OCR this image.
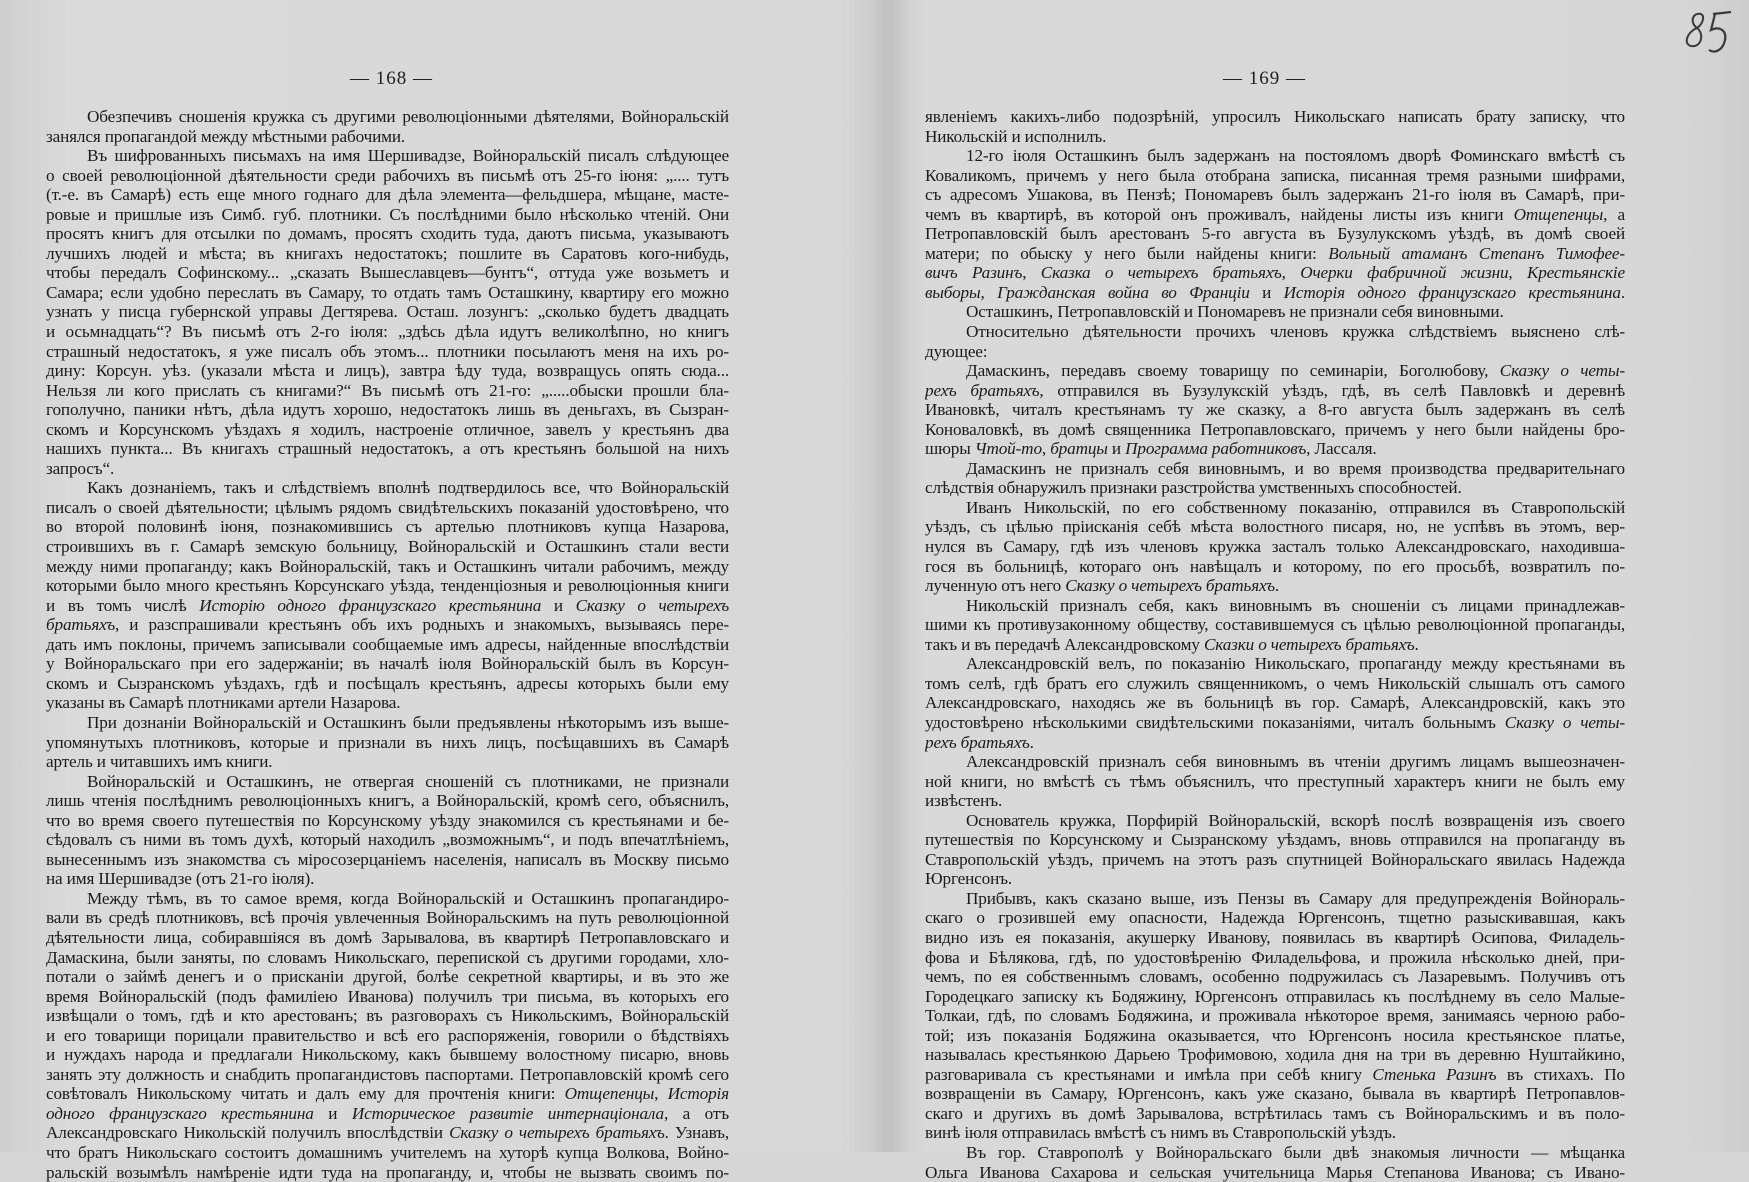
— 168 —
Обезпечивъ сношенія кружка съ другими революціонными дѣятелями, Войноральскій
занялся пропагандой между мѣстными рабочими.
Въ шифрованныхъ письмахъ на имя Шершивадзе, Войноральскій писалъ слѣдующее
о своей революціонной дѣятельности среди рабочихъ въ письмѣ отъ 25-го іюня: „.... тутъ
(т.-е. въ Самарѣ) есть еще много годнаго для дѣла элемента—фельдшера, мѣщане, масте-
ровые и пришлые изъ Симб. губ. плотники. Съ послѣдними было нѣсколько чтеній. Они
просятъ книгъ для отсылки по домамъ, просятъ сходить туда, даютъ письма, указываютъ
лучшихъ людей и мѣста; въ книгахъ недостатокъ; пошлите въ Саратовъ кого-нибудь,
чтобы передалъ Софинскому... „сказать Вышеславцевъ—бунтъ“, оттуда уже возьметъ и
Самара; если удобно переслать въ Самару, то отдать тамъ Осташкину, квартиру его можно
узнать у писца губернской управы Дегтярева. Осташ. лозунгъ: „сколько будетъ двадцать
и осьмнадцать“? Въ письмѣ отъ 2-го іюля: „здѣсь дѣла идутъ великолѣпно, но книгъ
страшный недостатокъ, я уже писалъ объ этомъ... плотники посылаютъ меня на ихъ ро-
дину: Корсун. уѣз. (указали мѣста и лицъ), завтра ѣду туда, возвращусь опять сюда...
Нельзя ли кого прислать съ книгами?“ Въ письмѣ отъ 21-го: „.....обыски прошли бла-
гополучно, паники нѣтъ, дѣла идутъ хорошо, недостатокъ лишь въ деньгахъ, въ Сызран-
скомъ и Корсунскомъ уѣздахъ я ходилъ, настроеніе отличное, завелъ у крестьянъ два
нашихъ пункта... Въ книгахъ страшный недостатокъ, а отъ крестьянъ большой на нихъ
запросъ“.
Какъ дознаніемъ, такъ и слѣдствіемъ вполнѣ подтвердилось все, что Войноральскій
писалъ о своей дѣятельности; цѣлымъ рядомъ свидѣтельскихъ показаній удостовѣрено, что
во второй половинѣ іюня, познакомившись съ артелью плотниковъ купца Назарова,
строившихъ въ г. Самарѣ земскую больницу, Войноральскій и Осташкинъ стали вести
между ними пропаганду; какъ Войноральскій, такъ и Осташкинъ читали рабочимъ, между
которыми было много крестьянъ Корсунскаго уѣзда, тенденціозныя и революціонныя книги
и въ томъ числѣ Исторію одного французскаго крестьянина и Сказку о четырехъ
братьяхъ, и разспрашивали крестьянъ объ ихъ родныхъ и знакомыхъ, вызываясь пере-
дать имъ поклоны, причемъ записывали сообщаемые имъ адресы, найденные впослѣдствіи
у Войноральскаго при его задержаніи; въ началѣ іюля Войноральскій былъ въ Корсун-
скомъ и Сызранскомъ уѣздахъ, гдѣ и посѣщалъ крестьянъ, адресы которыхъ были ему
указаны въ Самарѣ плотниками артели Назарова.
При дознаніи Войноральскій и Осташкинъ были предъявлены нѣкоторымъ изъ выше-
упомянутыхъ плотниковъ, которые и признали въ нихъ лицъ, посѣщавшихъ въ Самарѣ
артель и читавшихъ имъ книги.
Войноральскій и Осташкинъ, не отвергая сношеній съ плотниками, не признали
лишь чтенія послѣднимъ революціонныхъ книгъ, а Войноральскій, кромѣ сего, объяснилъ,
что во время своего путешествія по Корсунскому уѣзду знакомился съ крестьянами и бе-
сѣдовалъ съ ними въ томъ духѣ, который находилъ „возможнымъ“, и подъ впечатлѣніемъ,
вынесеннымъ изъ знакомства съ міросозерцаніемъ населенія, написалъ въ Москву письмо
на имя Шершивадзе (отъ 21-го іюля).
Между тѣмъ, въ то самое время, когда Войноральскій и Осташкинъ пропагандиро-
вали въ средѣ плотниковъ, всѣ прочія увлеченныя Войноральскимъ на путь революціонной
дѣятельности лица, собиравшіяся въ домѣ Зарывалова, въ квартирѣ Петропавловскаго и
Дамаскина, были заняты, по словамъ Никольскаго, перепиской съ другими городами, хло-
потали о займѣ денегъ и о присканіи другой, болѣе секретной квартиры, и въ это же
время Войноральскій (подъ фамиліею Иванова) получилъ три письма, въ которыхъ его
извѣщали о томъ, гдѣ и кто арестованъ; въ разговорахъ съ Никольскимъ, Войноральскій
и его товарищи порицали правительство и всѣ его распоряженія, говорили о бѣдствіяхъ
и нуждахъ народа и предлагали Никольскому, какъ бывшему волостному писарю, вновь
занять эту должность и снабдить пропагандистовъ паспортами. Петропавловскій кромѣ сего
совѣтовалъ Никольскому читать и далъ ему для прочтенія книги: Отщепенцы, Исторія
одного французскаго крестьянина и Историческое развитіе интернаціонала, а отъ
Александровскаго Никольскій получилъ впослѣдствіи Сказку о четырехъ братьяхъ. Узнавъ,
что братъ Никольскаго состоитъ домашнимъ учителемъ на хуторѣ купца Волкова, Войно-
ральскій возымѣлъ намѣреніе идти туда на пропаганду, и, чтобы не вызвать своимъ по-
— 169 —
явленіемъ какихъ-либо подозрѣній, упросилъ Никольскаго написать брату записку, что
Никольскій и исполнилъ.
12-го іюля Осташкинъ былъ задержанъ на постояломъ дворѣ Фоминскаго вмѣстѣ съ
Коваликомъ, причемъ у него была отобрана записка, писанная тремя разными шифрами,
съ адресомъ Ушакова, въ Пензѣ; Пономаревъ былъ задержанъ 21-го іюля въ Самарѣ, при-
чемъ въ квартирѣ, въ которой онъ проживалъ, найдены листы изъ книги Отщепенцы, а
Петропавловскій былъ арестованъ 5-го августа въ Бузулукскомъ уѣздѣ, въ домѣ своей
матери; по обыску у него были найдены книги: Вольный атаманъ Степанъ Тимофее-
вичъ Разинъ, Сказка о четырехъ братьяхъ, Очерки фабричной жизни, Крестьянскіе
выборы, Гражданская война во Франціи и Исторія одного французскаго крестьянина.
Осташкинъ, Петропавловскій и Пономаревъ не признали себя виновными.
Относительно дѣятельности прочихъ членовъ кружка слѣдствіемъ выяснено слѣ-
дующее:
Дамаскинъ, передавъ своему товарищу по семинаріи, Боголюбову, Сказку о четы-
рехъ братьяхъ, отправился въ Бузулукскій уѣздъ, гдѣ, въ селѣ Павловкѣ и деревнѣ
Ивановкѣ, читалъ крестьянамъ ту же сказку, а 8-го августа былъ задержанъ въ селѣ
Коноваловкѣ, въ домѣ священника Петропавловскаго, причемъ у него были найдены бро-
шюры Чтой-то, братцы и Программа работниковъ, Лассаля.
Дамаскинъ не призналъ себя виновнымъ, и во время производства предварительнаго
слѣдствія обнаружилъ признаки разстройства умственныхъ способностей.
Иванъ Никольскій, по его собственному показанію, отправился въ Ставропольскій
уѣздъ, съ цѣлью пріисканія себѣ мѣста волостного писаря, но, не успѣвъ въ этомъ, вер-
нулся въ Самару, гдѣ изъ членовъ кружка засталъ только Александровскаго, находивша-
гося въ больницѣ, котораго онъ навѣщалъ и которому, по его просьбѣ, возвратилъ по-
лученную отъ него Сказку о четырехъ братьяхъ.
Никольскій призналъ себя, какъ виновнымъ въ сношеніи съ лицами принадлежав-
шими къ противузаконному обществу, составившемуся съ цѣлью революціонной пропаганды,
такъ и въ передачѣ Александровскому Сказки о четырехъ братьяхъ.
Александровскій велъ, по показанію Никольскаго, пропаганду между крестьянами въ
томъ селѣ, гдѣ братъ его служилъ священникомъ, о чемъ Никольскій слышалъ отъ самого
Александровскаго, находясь же въ больницѣ въ гор. Самарѣ, Александровскій, какъ это
удостовѣрено нѣсколькими свидѣтельскими показаніями, читалъ больнымъ Сказку о четы-
рехъ братьяхъ.
Александровскій призналъ себя виновнымъ въ чтеніи другимъ лицамъ вышеозначен-
ной книги, но вмѣстѣ съ тѣмъ объяснилъ, что преступный характеръ книги не былъ ему
извѣстенъ.
Основатель кружка, Порфирій Войноральскій, вскорѣ послѣ возвращенія изъ своего
путешествія по Корсунскому и Сызранскому уѣздамъ, вновь отправился на пропаганду въ
Ставропольскій уѣздъ, причемъ на этотъ разъ спутницей Войноральскаго явилась Надежда
Юргенсонъ.
Прибывъ, какъ сказано выше, изъ Пензы въ Самару для предупрежденія Войнораль-
скаго о грозившей ему опасности, Надежда Юргенсонъ, тщетно разыскивавшая, какъ
видно изъ ея показанія, акушерку Иванову, появилась въ квартирѣ Осипова, Филадель-
фова и Бѣлякова, гдѣ, по удостовѣренію Филадельфова, и прожила нѣсколько дней, при-
чемъ, по ея собственнымъ словамъ, особенно подружилась съ Лазаревымъ. Получивъ отъ
Городецкаго записку къ Бодяжину, Юргенсонъ отправилась къ послѣднему въ село Малые-
Толкаи, гдѣ, по словамъ Бодяжина, и проживала нѣкоторое время, занимаясь черною рабо-
той; изъ показанія Бодяжина оказывается, что Юргенсонъ носила крестьянское платье,
называлась крестьянкою Дарьею Трофимовою, ходила дня на три въ деревню Нуштайкино,
разговаривала съ крестьянами и имѣла при себѣ книгу Стенька Разинъ въ стихахъ. По
возвращеніи въ Самару, Юргенсонъ, какъ уже сказано, бывала въ квартирѣ Петропавлов-
скаго и другихъ въ домѣ Зарывалова, встрѣтилась тамъ съ Войноральскимъ и въ поло-
винѣ іюля отправилась вмѣстѣ съ нимъ въ Ставропольскій уѣздъ.
Въ гор. Ставрополѣ у Войноральскаго были двѣ знакомыя личности — мѣщанка
Ольга Иванова Сахарова и сельская учительница Марья Степанова Иванова; съ Ивано-
